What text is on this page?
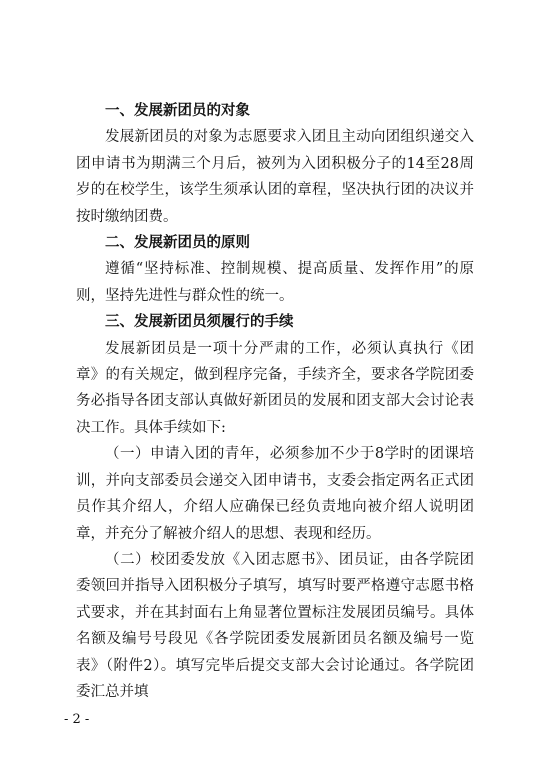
一、发展新团员的对象

发展新团员的对象为志愿要求入团且主动向团组织递交入团申请书为期满三个月后，被列为入团积极分子的14至28周岁的在校学生，该学生须承认团的章程，坚决执行团的决议并按时缴纳团费。

二、发展新团员的原则

遵循“坚持标准、控制规模、提高质量、发挥作用”的原则，坚持先进性与群众性的统一。

三、发展新团员须履行的手续

发展新团员是一项十分严肃的工作，必须认真执行《团章》的有关规定，做到程序完备，手续齐全，要求各学院团委务必指导各团支部认真做好新团员的发展和团支部大会讨论表决工作。具体手续如下:

（一）申请入团的青年，必须参加不少于8学时的团课培训，并向支部委员会递交入团申请书，支委会指定两名正式团员作其介绍人，介绍人应确保已经负责地向被介绍人说明团章，并充分了解被介绍人的思想、表现和经历。

（二）校团委发放《入团志愿书》、团员证，由各学院团委领回并指导入团积极分子填写，填写时要严格遵守志愿书格式要求，并在其封面右上角显著位置标注发展团员编号。具体名额及编号号段见《各学院团委发展新团员名额及编号一览表》（附件2）。填写完毕后提交支部大会讨论通过。各学院团委汇总并填

- 2 -
